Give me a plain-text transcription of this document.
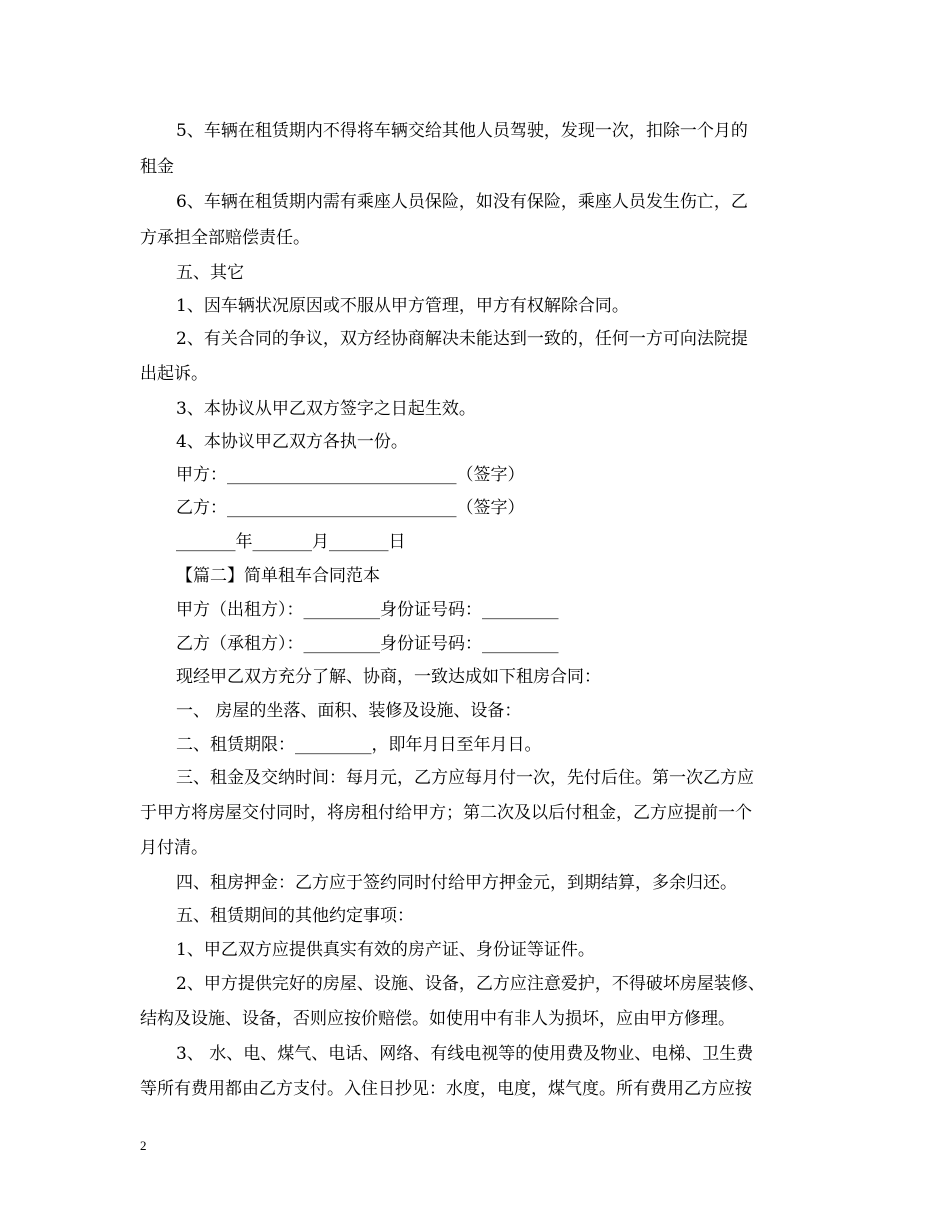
5、车辆在租赁期内不得将车辆交给其他人员驾驶，发现一次，扣除一个月的
租金
6、车辆在租赁期内需有乘座人员保险，如没有保险，乘座人员发生伤亡，乙
方承担全部赔偿责任。
五、其它
1、因车辆状况原因或不服从甲方管理，甲方有权解除合同。
2、有关合同的争议，双方经协商解决未能达到一致的，任何一方可向法院提
出起诉。
3、本协议从甲乙双方签字之日起生效。
4、本协议甲乙双方各执一份。
甲方：___________________________（签字）
乙方：___________________________（签字）
_______年_______月_______日
【篇二】简单租车合同范本
甲方（出租方）：_________身份证号码：_________
乙方（承租方）：_________身份证号码：_________
现经甲乙双方充分了解、协商，一致达成如下租房合同：
一、 房屋的坐落、面积、装修及设施、设备：
二、租赁期限：_________，即年月日至年月日。
三、租金及交纳时间：每月元，乙方应每月付一次，先付后住。第一次乙方应
于甲方将房屋交付同时，将房租付给甲方；第二次及以后付租金，乙方应提前一个
月付清。
四、租房押金：乙方应于签约同时付给甲方押金元，到期结算，多余归还。
五、租赁期间的其他约定事项：
1、甲乙双方应提供真实有效的房产证、身份证等证件。
2、甲方提供完好的房屋、设施、设备，乙方应注意爱护，不得破坏房屋装修、
结构及设施、设备，否则应按价赔偿。如使用中有非人为损坏，应由甲方修理。
3、 水、电、煤气、电话、网络、有线电视等的使用费及物业、电梯、卫生费
等所有费用都由乙方支付。入住日抄见：水度，电度，煤气度。所有费用乙方应按
2
